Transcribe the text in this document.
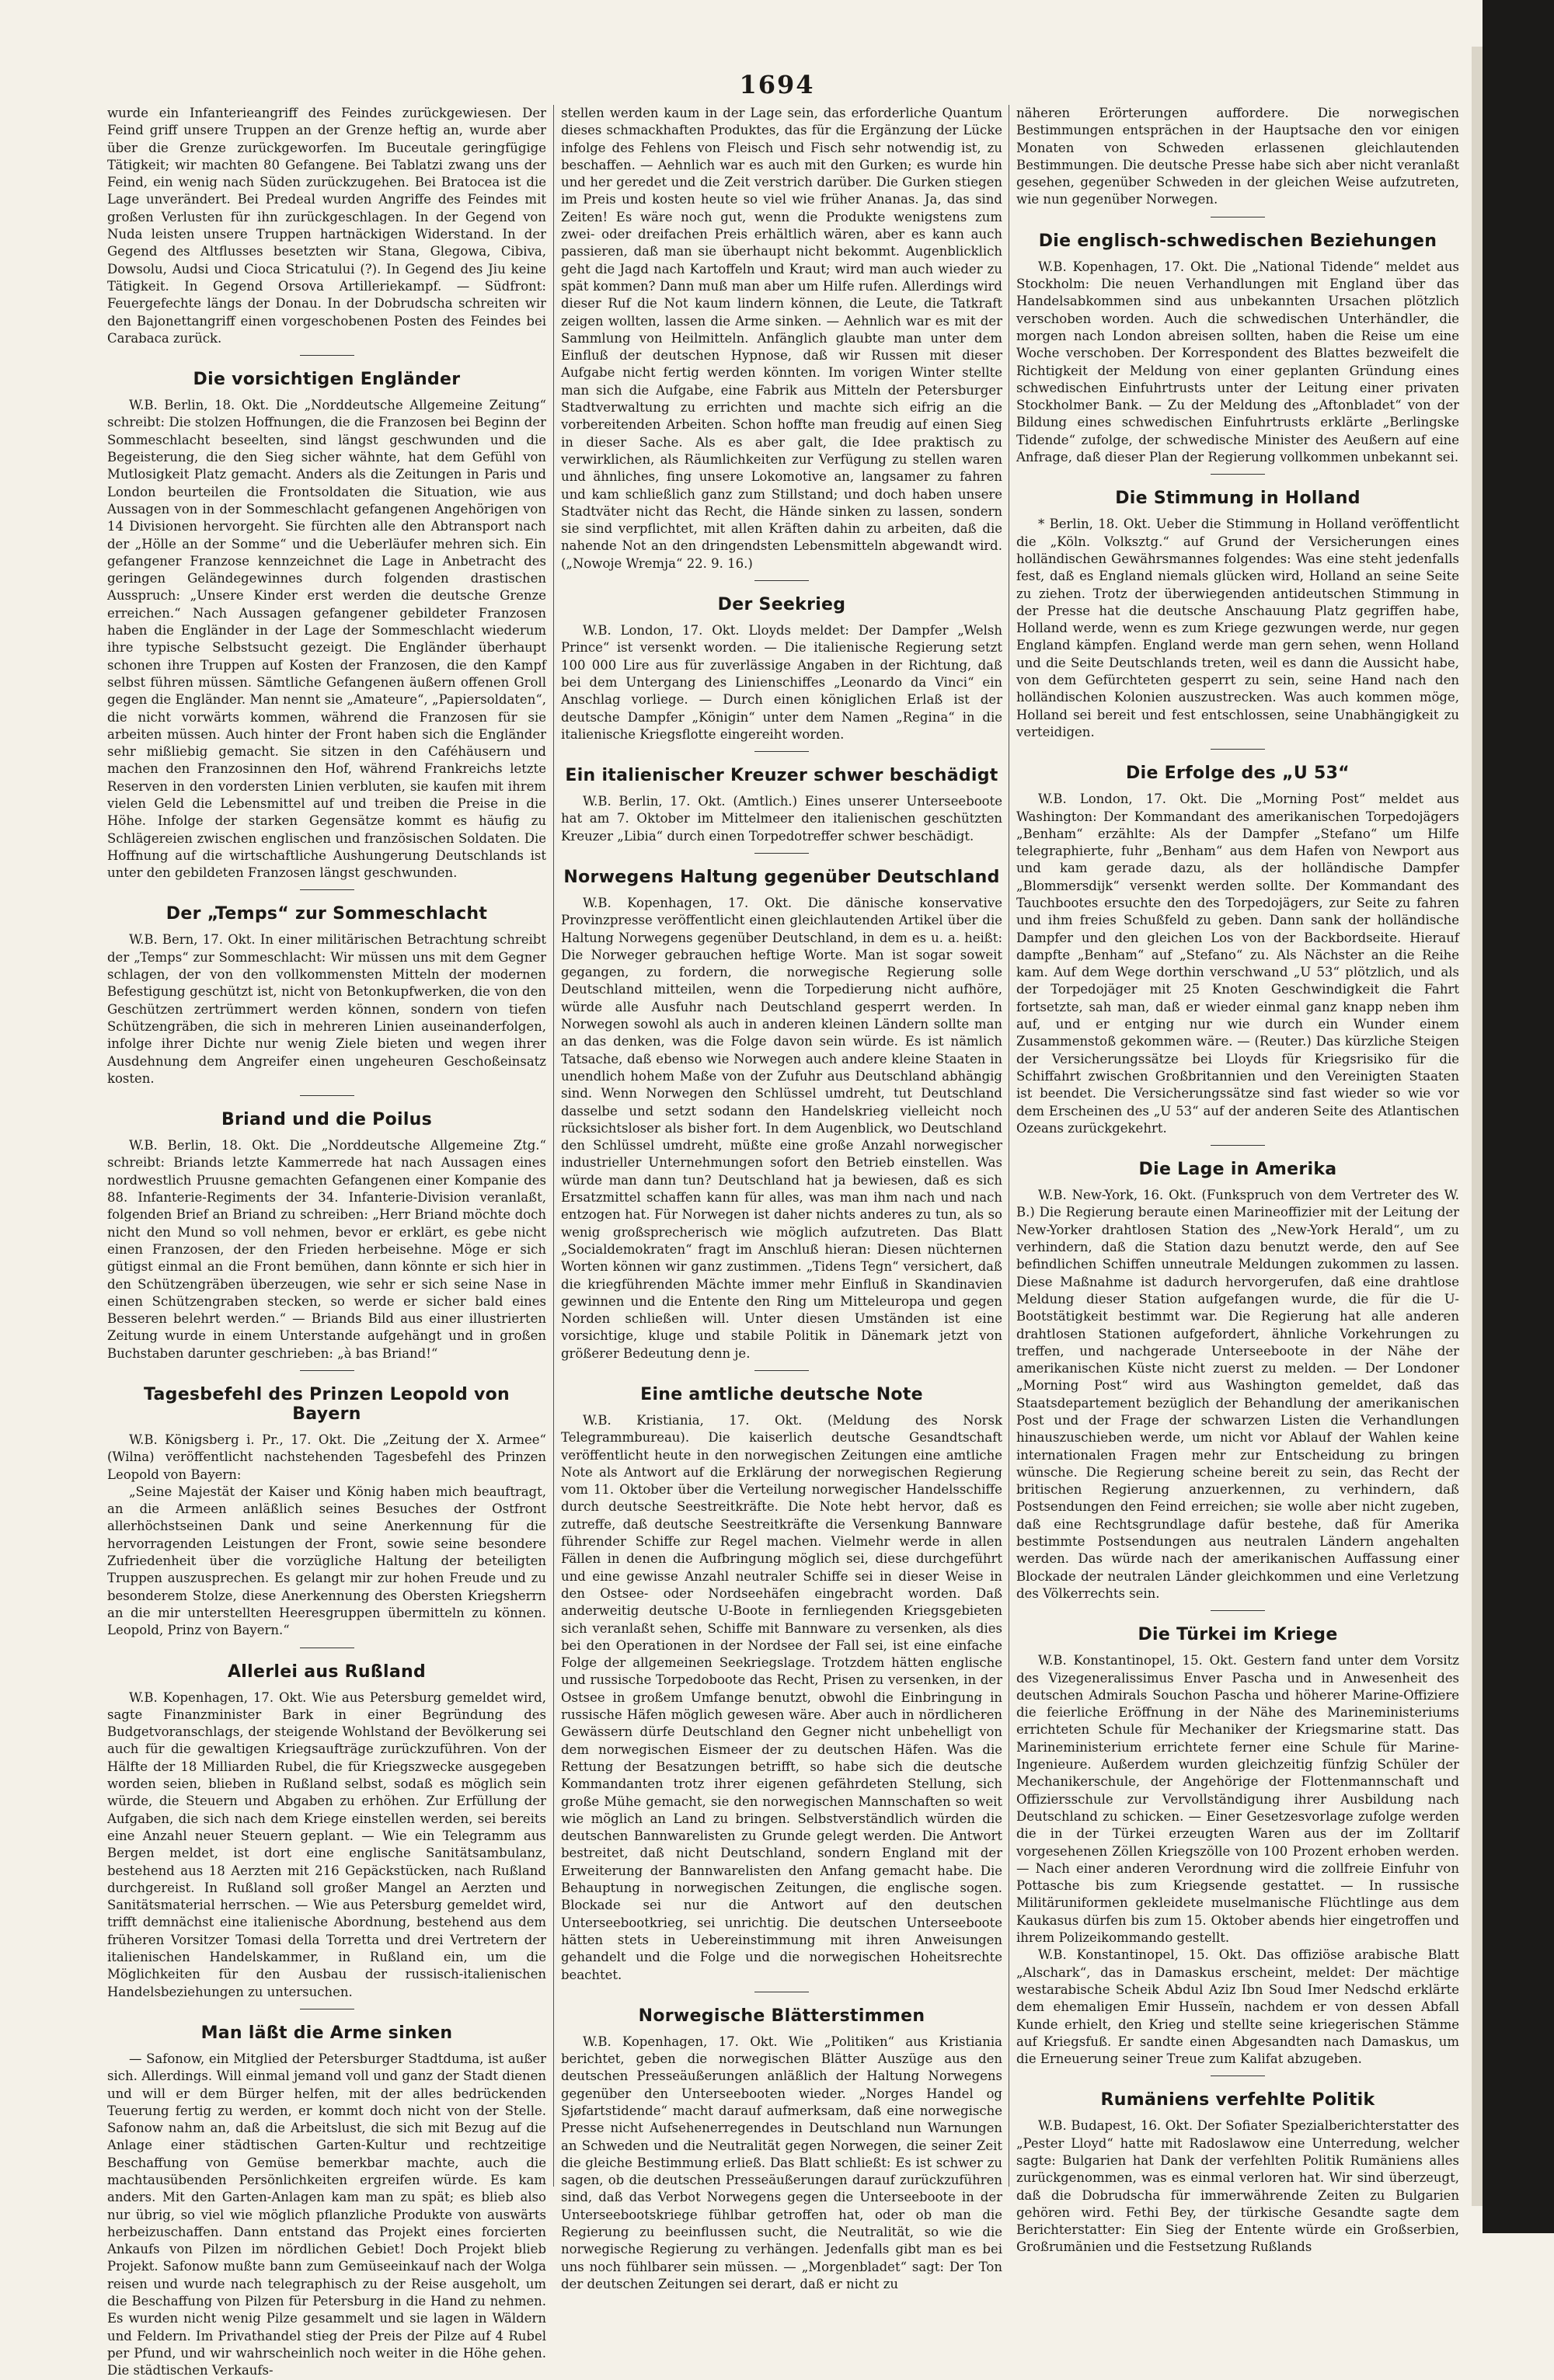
1694

wurde ein Infanterieangriff des Feindes zurückgewiesen. Der Feind griff unsere Truppen an der Grenze heftig an, wurde aber über die Grenze zurückgeworfen. Im Buceutale geringfügige Tätigkeit; wir machten 80 Gefangene. Bei Tablatzi zwang uns der Feind, ein wenig nach Süden zurückzugehen. Bei Bratocea ist die Lage unverändert. Bei Predeal wurden Angriffe des Feindes mit großen Verlusten für ihn zurückgeschlagen. In der Gegend von Nuda leisten unsere Truppen hartnäckigen Widerstand. In der Gegend des Altflusses besetzten wir Stana, Glegowa, Cibiva, Dowsolu, Audsi und Cioca Stricatului (?). In Gegend des Jiu keine Tätigkeit. In Gegend Orsova Artilleriekampf. — Südfront: Feuergefechte längs der Donau. In der Dobrudscha schreiten wir den Bajonettangriff einen vorgeschobenen Posten des Feindes bei Carabaca zurück.

Die vorsichtigen Engländer

W.B. Berlin, 18. Okt. Die „Norddeutsche Allgemeine Zeitung“ schreibt: Die stolzen Hoffnungen, die die Franzosen bei Beginn der Sommeschlacht beseelten, sind längst geschwunden und die Begeisterung, die den Sieg sicher wähnte, hat dem Gefühl von Mutlosigkeit Platz gemacht. Anders als die Zeitungen in Paris und London beurteilen die Frontsoldaten die Situation, wie aus Aussagen von in der Sommeschlacht gefangenen Angehörigen von 14 Divisionen hervorgeht. Sie fürchten alle den Abtransport nach der „Hölle an der Somme“ und die Ueberläufer mehren sich. Ein gefangener Franzose kennzeichnet die Lage in Anbetracht des geringen Geländegewinnes durch folgenden drastischen Ausspruch: „Unsere Kinder erst werden die deutsche Grenze erreichen.“ Nach Aussagen gefangener gebildeter Franzosen haben die Engländer in der Lage der Sommeschlacht wiederum ihre typische Selbstsucht gezeigt. Die Engländer überhaupt schonen ihre Truppen auf Kosten der Franzosen, die den Kampf selbst führen müssen. Sämtliche Gefangenen äußern offenen Groll gegen die Engländer. Man nennt sie „Amateure“, „Papiersoldaten“, die nicht vorwärts kommen, während die Franzosen für sie arbeiten müssen. Auch hinter der Front haben sich die Engländer sehr mißliebig gemacht. Sie sitzen in den Caféhäusern und machen den Franzosinnen den Hof, während Frankreichs letzte Reserven in den vordersten Linien verbluten, sie kaufen mit ihrem vielen Geld die Lebensmittel auf und treiben die Preise in die Höhe. Infolge der starken Gegensätze kommt es häufig zu Schlägereien zwischen englischen und französischen Soldaten. Die Hoffnung auf die wirtschaftliche Aushungerung Deutschlands ist unter den gebildeten Franzosen längst geschwunden.

Der „Temps“ zur Sommeschlacht

W.B. Bern, 17. Okt. In einer militärischen Betrachtung schreibt der „Temps“ zur Sommeschlacht: Wir müssen uns mit dem Gegner schlagen, der von den vollkommensten Mitteln der modernen Befestigung geschützt ist, nicht von Betonkupfwerken, die von den Geschützen zertrümmert werden können, sondern von tiefen Schützengräben, die sich in mehreren Linien auseinanderfolgen, infolge ihrer Dichte nur wenig Ziele bieten und wegen ihrer Ausdehnung dem Angreifer einen ungeheuren Geschoßeinsatz kosten.

Briand und die Poilus

W.B. Berlin, 18. Okt. Die „Norddeutsche Allgemeine Ztg.“ schreibt: Briands letzte Kammerrede hat nach Aussagen eines nordwestlich Pruusne gemachten Gefangenen einer Kompanie des 88. Infanterie-Regiments der 34. Infanterie-Division veranlaßt, folgenden Brief an Briand zu schreiben: „Herr Briand möchte doch nicht den Mund so voll nehmen, bevor er erklärt, es gebe nicht einen Franzosen, der den Frieden herbeisehne. Möge er sich gütigst einmal an die Front bemühen, dann könnte er sich hier in den Schützengräben überzeugen, wie sehr er sich seine Nase in einen Schützengraben stecken, so werde er sicher bald eines Besseren belehrt werden.“ — Briands Bild aus einer illustrierten Zeitung wurde in einem Unterstande aufgehängt und in großen Buchstaben darunter geschrieben: „à bas Briand!“

Tagesbefehl des Prinzen Leopold von Bayern

W.B. Königsberg i. Pr., 17. Okt. Die „Zeitung der X. Armee“ (Wilna) veröffentlicht nachstehenden Tagesbefehl des Prinzen Leopold von Bayern:

„Seine Majestät der Kaiser und König haben mich beauftragt, an die Armeen anläßlich seines Besuches der Ostfront allerhöchstseinen Dank und seine Anerkennung für die hervorragenden Leistungen der Front, sowie seine besondere Zufriedenheit über die vorzügliche Haltung der beteiligten Truppen auszusprechen. Es gelangt mir zur hohen Freude und zu besonderem Stolze, diese Anerkennung des Obersten Kriegsherrn an die mir unterstellten Heeresgruppen übermitteln zu können. Leopold, Prinz von Bayern.“

Allerlei aus Rußland

W.B. Kopenhagen, 17. Okt. Wie aus Petersburg gemeldet wird, sagte Finanzminister Bark in einer Begründung des Budgetvoranschlags, der steigende Wohlstand der Bevölkerung sei auch für die gewaltigen Kriegsaufträge zurückzuführen. Von der Hälfte der 18 Milliarden Rubel, die für Kriegszwecke ausgegeben worden seien, blieben in Rußland selbst, sodaß es möglich sein würde, die Steuern und Abgaben zu erhöhen. Zur Erfüllung der Aufgaben, die sich nach dem Kriege einstellen werden, sei bereits eine Anzahl neuer Steuern geplant. — Wie ein Telegramm aus Bergen meldet, ist dort eine englische Sanitätsambulanz, bestehend aus 18 Aerzten mit 216 Gepäckstücken, nach Rußland durchgereist. In Rußland soll großer Mangel an Aerzten und Sanitätsmaterial herrschen. — Wie aus Petersburg gemeldet wird, trifft demnächst eine italienische Abordnung, bestehend aus dem früheren Vorsitzer Tomasi della Torretta und drei Vertretern der italienischen Handelskammer, in Rußland ein, um die Möglichkeiten für den Ausbau der russisch-italienischen Handelsbeziehungen zu untersuchen.

Man läßt die Arme sinken

— Safonow, ein Mitglied der Petersburger Stadtduma, ist außer sich. Allerdings. Will einmal jemand voll und ganz der Stadt dienen und will er dem Bürger helfen, mit der alles bedrückenden Teuerung fertig zu werden, er kommt doch nicht von der Stelle. Safonow nahm an, daß die Arbeitslust, die sich mit Bezug auf die Anlage einer städtischen Garten-Kultur und rechtzeitige Beschaffung von Gemüse bemerkbar machte, auch die machtausübenden Persönlichkeiten ergreifen würde. Es kam anders. Mit den Garten-Anlagen kam man zu spät; es blieb also nur übrig, so viel wie möglich pflanzliche Produkte von auswärts herbeizuschaffen. Dann entstand das Projekt eines forcierten Ankaufs von Pilzen im nördlichen Gebiet! Doch Projekt blieb Projekt. Safonow mußte bann zum Gemüseeinkauf nach der Wolga reisen und wurde nach telegraphisch zu der Reise ausgeholt, um die Beschaffung von Pilzen für Petersburg in die Hand zu nehmen. Es wurden nicht wenig Pilze gesammelt und sie lagen in Wäldern und Feldern. Im Privathandel stieg der Preis der Pilze auf 4 Rubel per Pfund, und wir wahrscheinlich noch weiter in die Höhe gehen. Die städtischen Verkaufs-

stellen werden kaum in der Lage sein, das erforderliche Quantum dieses schmackhaften Produktes, das für die Ergänzung der Lücke infolge des Fehlens von Fleisch und Fisch sehr notwendig ist, zu beschaffen. — Aehnlich war es auch mit den Gurken; es wurde hin und her geredet und die Zeit verstrich darüber. Die Gurken stiegen im Preis und kosten heute so viel wie früher Ananas. Ja, das sind Zeiten! Es wäre noch gut, wenn die Produkte wenigstens zum zwei- oder dreifachen Preis erhältlich wären, aber es kann auch passieren, daß man sie überhaupt nicht bekommt. Augenblicklich geht die Jagd nach Kartoffeln und Kraut; wird man auch wieder zu spät kommen? Dann muß man aber um Hilfe rufen. Allerdings wird dieser Ruf die Not kaum lindern können, die Leute, die Tatkraft zeigen wollten, lassen die Arme sinken. — Aehnlich war es mit der Sammlung von Heilmitteln. Anfänglich glaubte man unter dem Einfluß der deutschen Hypnose, daß wir Russen mit dieser Aufgabe nicht fertig werden könnten. Im vorigen Winter stellte man sich die Aufgabe, eine Fabrik aus Mitteln der Petersburger Stadtverwaltung zu errichten und machte sich eifrig an die vorbereitenden Arbeiten. Schon hoffte man freudig auf einen Sieg in dieser Sache. Als es aber galt, die Idee praktisch zu verwirklichen, als Räumlichkeiten zur Verfügung zu stellen waren und ähnliches, fing unsere Lokomotive an, langsamer zu fahren und kam schließlich ganz zum Stillstand; und doch haben unsere Stadtväter nicht das Recht, die Hände sinken zu lassen, sondern sie sind verpflichtet, mit allen Kräften dahin zu arbeiten, daß die nahende Not an den dringendsten Lebensmitteln abgewandt wird. („Nowoje Wremja“ 22. 9. 16.)

Der Seekrieg

W.B. London, 17. Okt. Lloyds meldet: Der Dampfer „Welsh Prince“ ist versenkt worden. — Die italienische Regierung setzt 100 000 Lire aus für zuverlässige Angaben in der Richtung, daß bei dem Untergang des Linienschiffes „Leonardo da Vinci“ ein Anschlag vorliege. — Durch einen königlichen Erlaß ist der deutsche Dampfer „Königin“ unter dem Namen „Regina“ in die italienische Kriegsflotte eingereiht worden.

Ein italienischer Kreuzer schwer beschädigt

W.B. Berlin, 17. Okt. (Amtlich.) Eines unserer Unterseeboote hat am 7. Oktober im Mittelmeer den italienischen geschützten Kreuzer „Libia“ durch einen Torpedotreffer schwer beschädigt.

Norwegens Haltung gegenüber Deutschland

W.B. Kopenhagen, 17. Okt. Die dänische konservative Provinzpresse veröffentlicht einen gleichlautenden Artikel über die Haltung Norwegens gegenüber Deutschland, in dem es u. a. heißt: Die Norweger gebrauchen heftige Worte. Man ist sogar soweit gegangen, zu fordern, die norwegische Regierung solle Deutschland mitteilen, wenn die Torpedierung nicht aufhöre, würde alle Ausfuhr nach Deutschland gesperrt werden. In Norwegen sowohl als auch in anderen kleinen Ländern sollte man an das denken, was die Folge davon sein würde. Es ist nämlich Tatsache, daß ebenso wie Norwegen auch andere kleine Staaten in unendlich hohem Maße von der Zufuhr aus Deutschland abhängig sind. Wenn Norwegen den Schlüssel umdreht, tut Deutschland dasselbe und setzt sodann den Handelskrieg vielleicht noch rücksichtsloser als bisher fort. In dem Augenblick, wo Deutschland den Schlüssel umdreht, müßte eine große Anzahl norwegischer industrieller Unternehmungen sofort den Betrieb einstellen. Was würde man dann tun? Deutschland hat ja bewiesen, daß es sich Ersatzmittel schaffen kann für alles, was man ihm nach und nach entzogen hat. Für Norwegen ist daher nichts anderes zu tun, als so wenig großsprecherisch wie möglich aufzutreten. Das Blatt „Socialdemokraten“ fragt im Anschluß hieran: Diesen nüchternen Worten können wir ganz zustimmen. „Tidens Tegn“ versichert, daß die kriegführenden Mächte immer mehr Einfluß in Skandinavien gewinnen und die Entente den Ring um Mitteleuropa und gegen Norden schließen will. Unter diesen Umständen ist eine vorsichtige, kluge und stabile Politik in Dänemark jetzt von größerer Bedeutung denn je.

Eine amtliche deutsche Note

W.B. Kristiania, 17. Okt. (Meldung des Norsk Telegrammbureau). Die kaiserlich deutsche Gesandtschaft veröffentlicht heute in den norwegischen Zeitungen eine amtliche Note als Antwort auf die Erklärung der norwegischen Regierung vom 11. Oktober über die Verteilung norwegischer Handelsschiffe durch deutsche Seestreitkräfte. Die Note hebt hervor, daß es zutreffe, daß deutsche Seestreitkräfte die Versenkung Bannware führender Schiffe zur Regel machen. Vielmehr werde in allen Fällen in denen die Aufbringung möglich sei, diese durchgeführt und eine gewisse Anzahl neutraler Schiffe sei in dieser Weise in den Ostsee- oder Nordseehäfen eingebracht worden. Daß anderweitig deutsche U-Boote in fernliegenden Kriegsgebieten sich veranlaßt sehen, Schiffe mit Bannware zu versenken, als dies bei den Operationen in der Nordsee der Fall sei, ist eine einfache Folge der allgemeinen Seekriegslage. Trotzdem hätten englische und russische Torpedoboote das Recht, Prisen zu versenken, in der Ostsee in großem Umfange benutzt, obwohl die Einbringung in russische Häfen möglich gewesen wäre. Aber auch in nördlicheren Gewässern dürfe Deutschland den Gegner nicht unbehelligt von dem norwegischen Eismeer der zu deutschen Häfen. Was die Rettung der Besatzungen betrifft, so habe sich die deutsche Kommandanten trotz ihrer eigenen gefährdeten Stellung, sich große Mühe gemacht, sie den norwegischen Mannschaften so weit wie möglich an Land zu bringen. Selbstverständlich würden die deutschen Bannwarelisten zu Grunde gelegt werden. Die Antwort bestreitet, daß nicht Deutschland, sondern England mit der Erweiterung der Bannwarelisten den Anfang gemacht habe. Die Behauptung in norwegischen Zeitungen, die englische sogen. Blockade sei nur die Antwort auf den deutschen Unterseebootkrieg, sei unrichtig. Die deutschen Unterseeboote hätten stets in Uebereinstimmung mit ihren Anweisungen gehandelt und die Folge und die norwegischen Hoheitsrechte beachtet.

Norwegische Blätterstimmen

W.B. Kopenhagen, 17. Okt. Wie „Politiken“ aus Kristiania berichtet, geben die norwegischen Blätter Auszüge aus den deutschen Presseäußerungen anläßlich der Haltung Norwegens gegenüber den Unterseebooten wieder. „Norges Handel og Sjøfartstidende“ macht darauf aufmerksam, daß eine norwegische Presse nicht Aufsehenerregendes in Deutschland nun Warnungen an Schweden und die Neutralität gegen Norwegen, die seiner Zeit die gleiche Bestimmung erließ. Das Blatt schließt: Es ist schwer zu sagen, ob die deutschen Presseäußerungen darauf zurückzuführen sind, daß das Verbot Norwegens gegen die Unterseeboote in der Unterseebootskriege fühlbar getroffen hat, oder ob man die Regierung zu beeinflussen sucht, die Neutralität, so wie die norwegische Regierung zu verhängen. Jedenfalls gibt man es bei uns noch fühlbarer sein müssen. — „Morgenbladet“ sagt: Der Ton der deutschen Zeitungen sei derart, daß er nicht zu

näheren Erörterungen auffordere. Die norwegischen Bestimmungen entsprächen in der Hauptsache den vor einigen Monaten von Schweden erlassenen gleichlautenden Bestimmungen. Die deutsche Presse habe sich aber nicht veranlaßt gesehen, gegenüber Schweden in der gleichen Weise aufzutreten, wie nun gegenüber Norwegen.

Die englisch-schwedischen Beziehungen

W.B. Kopenhagen, 17. Okt. Die „National Tidende“ meldet aus Stockholm: Die neuen Verhandlungen mit England über das Handelsabkommen sind aus unbekannten Ursachen plötzlich verschoben worden. Auch die schwedischen Unterhändler, die morgen nach London abreisen sollten, haben die Reise um eine Woche verschoben. Der Korrespondent des Blattes bezweifelt die Richtigkeit der Meldung von einer geplanten Gründung eines schwedischen Einfuhrtrusts unter der Leitung einer privaten Stockholmer Bank. — Zu der Meldung des „Aftonbladet“ von der Bildung eines schwedischen Einfuhrtrusts erklärte „Berlingske Tidende“ zufolge, der schwedische Minister des Aeußern auf eine Anfrage, daß dieser Plan der Regierung vollkommen unbekannt sei.

Die Stimmung in Holland

* Berlin, 18. Okt. Ueber die Stimmung in Holland veröffentlicht die „Köln. Volksztg.“ auf Grund der Versicherungen eines holländischen Gewährsmannes folgendes: Was eine steht jedenfalls fest, daß es England niemals glücken wird, Holland an seine Seite zu ziehen. Trotz der überwiegenden antideutschen Stimmung in der Presse hat die deutsche Anschauung Platz gegriffen habe, Holland werde, wenn es zum Kriege gezwungen werde, nur gegen England kämpfen. England werde man gern sehen, wenn Holland und die Seite Deutschlands treten, weil es dann die Aussicht habe, von dem Gefürchteten gesperrt zu sein, seine Hand nach den holländischen Kolonien auszustrecken. Was auch kommen möge, Holland sei bereit und fest entschlossen, seine Unabhängigkeit zu verteidigen.

Die Erfolge des „U 53“

W.B. London, 17. Okt. Die „Morning Post“ meldet aus Washington: Der Kommandant des amerikanischen Torpedojägers „Benham“ erzählte: Als der Dampfer „Stefano“ um Hilfe telegraphierte, fuhr „Benham“ aus dem Hafen von Newport aus und kam gerade dazu, als der holländische Dampfer „Blommersdijk“ versenkt werden sollte. Der Kommandant des Tauchbootes ersuchte den des Torpedojägers, zur Seite zu fahren und ihm freies Schußfeld zu geben. Dann sank der holländische Dampfer und den gleichen Los von der Backbordseite. Hierauf dampfte „Benham“ auf „Stefano“ zu. Als Nächster an die Reihe kam. Auf dem Wege dorthin verschwand „U 53“ plötzlich, und als der Torpedojäger mit 25 Knoten Geschwindigkeit die Fahrt fortsetzte, sah man, daß er wieder einmal ganz knapp neben ihm auf, und er entging nur wie durch ein Wunder einem Zusammenstoß gekommen wäre. — (Reuter.) Das kürzliche Steigen der Versicherungssätze bei Lloyds für Kriegsrisiko für die Schiffahrt zwischen Großbritannien und den Vereinigten Staaten ist beendet. Die Versicherungssätze sind fast wieder so wie vor dem Erscheinen des „U 53“ auf der anderen Seite des Atlantischen Ozeans zurückgekehrt.

Die Lage in Amerika

W.B. New-York, 16. Okt. (Funkspruch von dem Vertreter des W. B.) Die Regierung beraute einen Marineoffizier mit der Leitung der New-Yorker drahtlosen Station des „New-York Herald“, um zu verhindern, daß die Station dazu benutzt werde, den auf See befindlichen Schiffen unneutrale Meldungen zukommen zu lassen. Diese Maßnahme ist dadurch hervorgerufen, daß eine drahtlose Meldung dieser Station aufgefangen wurde, die für die U-Bootstätigkeit bestimmt war. Die Regierung hat alle anderen drahtlosen Stationen aufgefordert, ähnliche Vorkehrungen zu treffen, und nachgerade Unterseeboote in der Nähe der amerikanischen Küste nicht zuerst zu melden. — Der Londoner „Morning Post“ wird aus Washington gemeldet, daß das Staatsdepartement bezüglich der Behandlung der amerikanischen Post und der Frage der schwarzen Listen die Verhandlungen hinauszuschieben werde, um nicht vor Ablauf der Wahlen keine internationalen Fragen mehr zur Entscheidung zu bringen wünsche. Die Regierung scheine bereit zu sein, das Recht der britischen Regierung anzuerkennen, zu verhindern, daß Postsendungen den Feind erreichen; sie wolle aber nicht zugeben, daß eine Rechtsgrundlage dafür bestehe, daß für Amerika bestimmte Postsendungen aus neutralen Ländern angehalten werden. Das würde nach der amerikanischen Auffassung einer Blockade der neutralen Länder gleichkommen und eine Verletzung des Völkerrechts sein.

Die Türkei im Kriege

W.B. Konstantinopel, 15. Okt. Gestern fand unter dem Vorsitz des Vizegeneralissimus Enver Pascha und in Anwesenheit des deutschen Admirals Souchon Pascha und höherer Marine-Offiziere die feierliche Eröffnung in der Nähe des Marineministeriums errichteten Schule für Mechaniker der Kriegsmarine statt. Das Marineministerium errichtete ferner eine Schule für Marine-Ingenieure. Außerdem wurden gleichzeitig fünfzig Schüler der Mechanikerschule, der Angehörige der Flottenmannschaft und Offiziersschule zur Vervollständigung ihrer Ausbildung nach Deutschland zu schicken. — Einer Gesetzesvorlage zufolge werden die in der Türkei erzeugten Waren aus der im Zolltarif vorgesehenen Zöllen Kriegszölle von 100 Prozent erhoben werden. — Nach einer anderen Verordnung wird die zollfreie Einfuhr von Pottasche bis zum Kriegsende gestattet. — In russische Militäruniformen gekleidete muselmanische Flüchtlinge aus dem Kaukasus dürfen bis zum 15. Oktober abends hier eingetroffen und ihrem Polizeikommando gestellt.

W.B. Konstantinopel, 15. Okt. Das offiziöse arabische Blatt „Alschark“, das in Damaskus erscheint, meldet: Der mächtige westarabische Scheik Abdul Aziz Ibn Soud Imer Nedschd erklärte dem ehemaligen Emir Husseïn, nachdem er von dessen Abfall Kunde erhielt, den Krieg und stellte seine kriegerischen Stämme auf Kriegsfuß. Er sandte einen Abgesandten nach Damaskus, um die Erneuerung seiner Treue zum Kalifat abzugeben.

Rumäniens verfehlte Politik

W.B. Budapest, 16. Okt. Der Sofiater Spezialberichterstatter des „Pester Lloyd“ hatte mit Radoslawow eine Unterredung, welcher sagte: Bulgarien hat Dank der verfehlten Politik Rumäniens alles zurückgenommen, was es einmal verloren hat. Wir sind überzeugt, daß die Dobrudscha für immerwährende Zeiten zu Bulgarien gehören wird. Fethi Bey, der türkische Gesandte sagte dem Berichterstatter: Ein Sieg der Entente würde ein Großserbien, Großrumänien und die Festsetzung Rußlands
